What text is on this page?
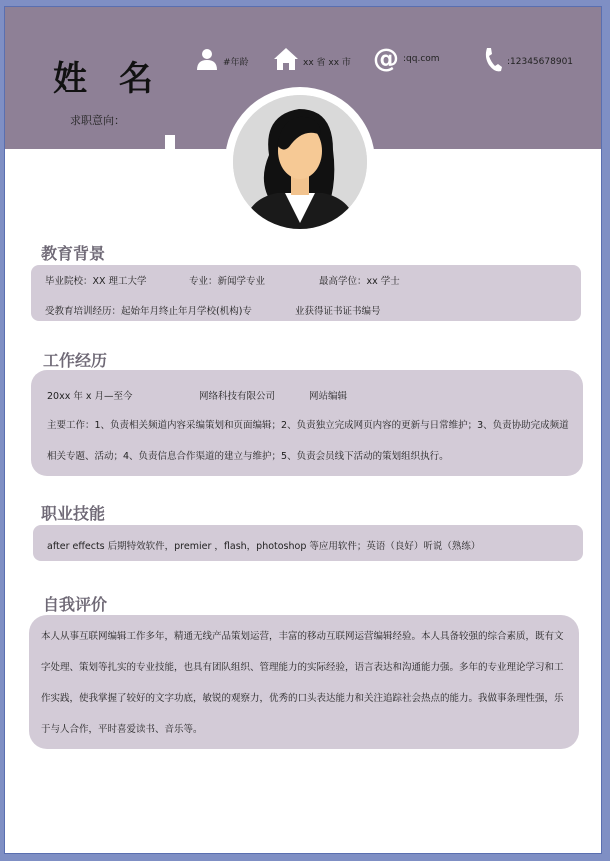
姓 名
求职意向：
#年龄	xx 省 xx 市 @ :qq.com	:12345678901
教育背景
毕业院校：XX 理工大学	专业：新闻学专业	最高学位：xx 学士
受教育培训经历：起始年月终止年月学校(机构)专	业获得证书证书编号
工作经历
20xx 年 x 月—至今	网络科技有限公司	网站编辑
主要工作：1、负责相关频道内容采编策划和页面编辑；2、负责独立完成网页内容的更新与日常维护；3、负责协助完成频道相关专题、活动；4、负责信息合作渠道的建立与维护；5、负责会员线下活动的策划组织执行。
职业技能
after effects 后期特效软件，premier ，flash，photoshop 等应用软件；英语（良好）听说（熟练）
自我评价
本人从事互联网编辑工作多年，精通无线产品策划运营，丰富的移动互联网运营编辑经验。本人具备较强的综合素质，既有文字处理、策划等扎实的专业技能，也具有团队组织、管理能力的实际经验，语言表达和沟通能力强。多年的专业理论学习和工作实践，使我掌握了较好的文字功底，敏锐的观察力，优秀的口头表达能力和关注追踪社会热点的能力。我做事条理性强，乐于与人合作，平时喜爱读书、音乐等。
